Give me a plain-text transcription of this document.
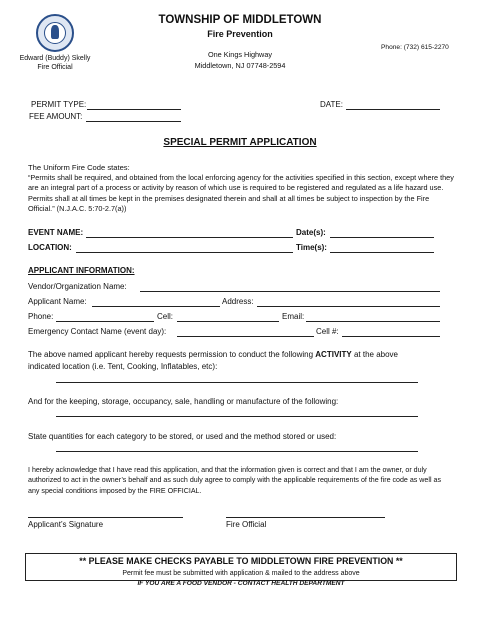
Edward (Buddy) Skelly
Fire Official
TOWNSHIP OF MIDDLETOWN
Fire Prevention
One Kings Highway
Middletown, NJ 07748-2594
Phone: (732) 615-2270
PERMIT TYPE:
FEE AMOUNT:
DATE:
SPECIAL PERMIT APPLICATION
The Uniform Fire Code states:
“Permits shall be required, and obtained from the local enforcing agency for the activities specified in this section, except where they are an integral part of a process or activity by reason of which use is required to be registered and regulated as a life hazard use. Permits shall at all times be kept in the premises designated therein and shall at all times be subject to inspection by the Fire Official.” (N.J.A.C. 5:70-2.7(a))
EVENT NAME:	Date(s):
LOCATION:	Time(s):
APPLICANT INFORMATION:
Vendor/Organization Name:
Applicant Name:	Address:
Phone:	Cell:	Email:
Emergency Contact Name (event day):	Cell #:
The above named applicant hereby requests permission to conduct the following ACTIVITY at the above
indicated location (i.e. Tent, Cooking, Inflatables, etc):
And for the keeping, storage, occupancy, sale, handling or manufacture of the following:
State quantities for each category to be stored, or used and the method stored or used:
I hereby acknowledge that I have read this application, and that the information given is correct and that I am the owner, or duly authorized to act in the owner’s behalf and as such duly agree to comply with the applicable requirements of the fire code as well as any special conditions imposed by the FIRE OFFICIAL.
Applicant’s Signature	Fire Official
** PLEASE MAKE CHECKS PAYABLE TO MIDDLETOWN FIRE PREVENTION **
Permit fee must be submitted with application & mailed to the address above
IF YOU ARE A FOOD VENDOR - CONTACT HEALTH DEPARTMENT
